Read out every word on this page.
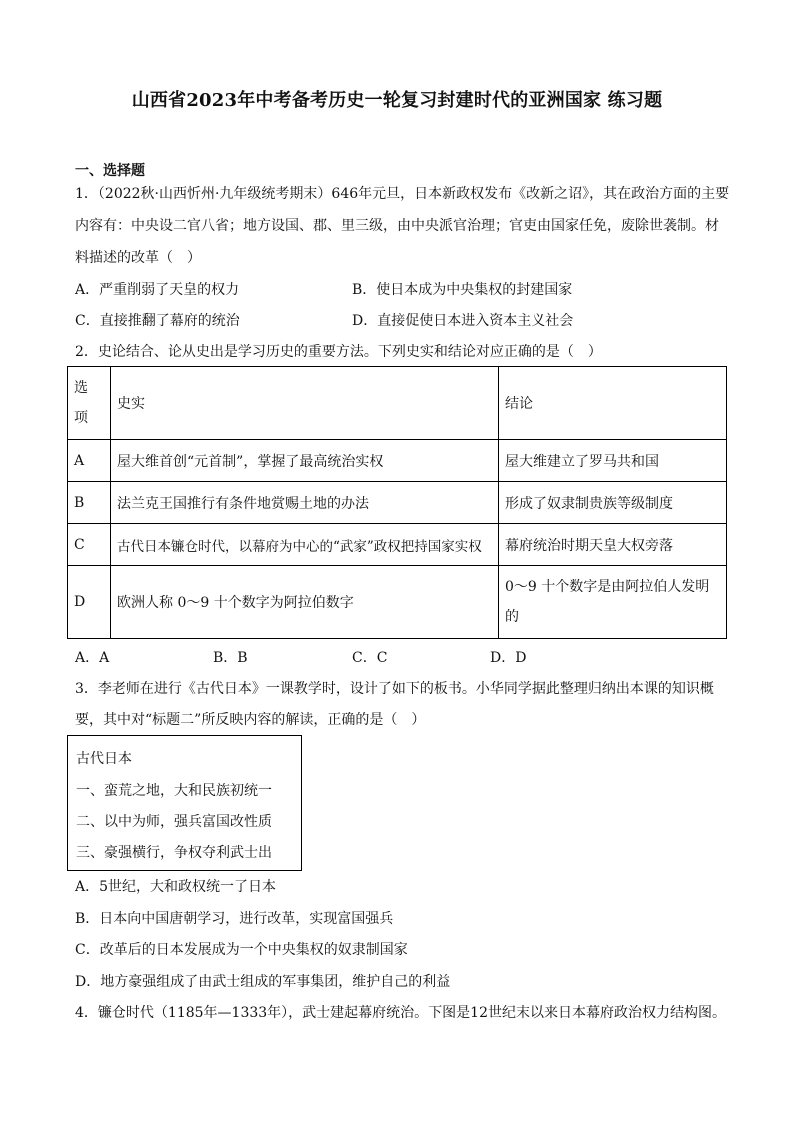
山西省2023年中考备考历史一轮复习封建时代的亚洲国家 练习题
一、选择题
1．（2022秋·山西忻州·九年级统考期末）646年元旦，日本新政权发布《改新之诏》，其在政治方面的主要
内容有：中央设二官八省；地方设国、郡、里三级，由中央派官治理；官吏由国家任免，废除世袭制。材
料描述的改革（　）
A．严重削弱了天皇的权力	B．使日本成为中央集权的封建国家
C．直接推翻了幕府的统治	D．直接促使日本进入资本主义社会
2．史论结合、论从史出是学习历史的重要方法。下列史实和结论对应正确的是（　）
选
项	史实	结论
A	屋大维首创“元首制”，掌握了最高统治实权	屋大维建立了罗马共和国
B	法兰克王国推行有条件地赏赐土地的办法	形成了奴隶制贵族等级制度
C	古代日本镰仓时代，以幕府为中心的“武家”政权把持国家实权	幕府统治时期天皇大权旁落
D	欧洲人称 0～9 十个数字为阿拉伯数字	0～9 十个数字是由阿拉伯人发明
的
A．A	B．B	C．C	D．D
3．李老师在进行《古代日本》一课教学时，设计了如下的板书。小华同学据此整理归纳出本课的知识概
要，其中对“标题二”所反映内容的解读，正确的是（　）
古代日本
一、蛮荒之地，大和民族初统一
二、以中为师，强兵富国改性质
三、豪强横行，争权夺利武士出
A．5世纪，大和政权统一了日本
B．日本向中国唐朝学习，进行改革，实现富国强兵
C．改革后的日本发展成为一个中央集权的奴隶制国家
D．地方豪强组成了由武士组成的军事集团，维护自己的利益
4．镰仓时代（1185年—1333年），武士建起幕府统治。下图是12世纪末以来日本幕府政治权力结构图。
